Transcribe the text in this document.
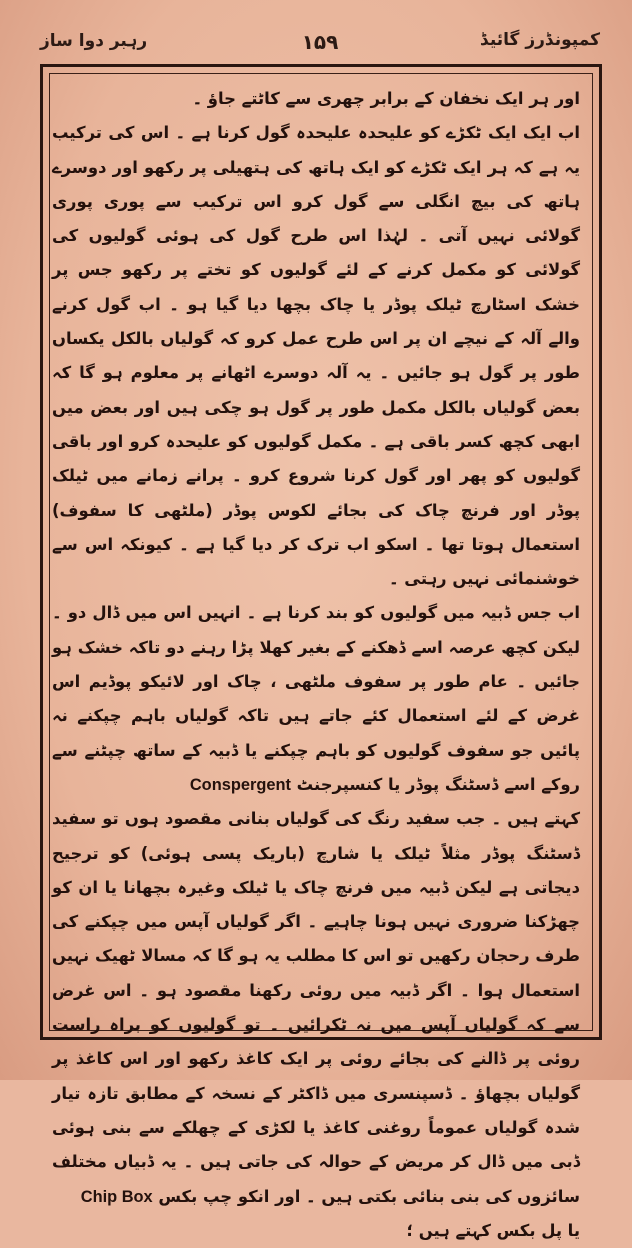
کمپونڈرز گائیڈ
۱۵۹
رہبر دوا ساز

اور ہر ایک نخفان کے برابر چھری سے کاٹتے جاؤ ۔

اب ایک ایک ٹکڑے کو علیحدہ علیحدہ گول کرنا ہے ۔ اس کی ترکیب یہ ہے کہ ہر ایک ٹکڑے کو ایک ہاتھ کی ہتھیلی پر رکھو اور دوسرے ہاتھ کی بیچ انگلی سے گول کرو اس ترکیب سے پوری پوری گولائی نہیں آتی ۔ لہٰذا اس طرح گول کی ہوئی گولیوں کی گولائی کو مکمل کرنے کے لئے گولیوں کو تختے پر رکھو جس پر خشک اسٹارچ ٹیلک پوڈر یا چاک بچھا دیا گیا ہو ۔ اب گول کرنے والے آلہ کے نیچے ان پر اس طرح عمل کرو کہ گولیاں بالکل یکساں طور پر گول ہو جائیں ۔ یہ آلہ دوسرے اٹھانے پر معلوم ہو گا کہ بعض گولیاں بالکل مکمل طور پر گول ہو چکی ہیں اور بعض میں ابھی کچھ کسر باقی ہے ۔ مکمل گولیوں کو علیحدہ کرو اور باقی گولیوں کو پھر اور گول کرنا شروع کرو ۔ پرانے زمانے میں ٹیلک پوڈر اور فرنچ چاک کی بجائے لکوس پوڈر (ملٹھی کا سفوف) استعمال ہوتا تھا ۔ اسکو اب ترک کر دیا گیا ہے ۔ کیونکہ اس سے خوشنمائی نہیں رہتی ۔

اب جس ڈبیہ میں گولیوں کو بند کرنا ہے ۔ انہیں اس میں ڈال دو ۔ لیکن کچھ عرصہ اسے ڈھکنے کے بغیر کھلا پڑا رہنے دو تاکہ خشک ہو جائیں ۔ عام طور پر سفوف ملٹھی ، چاک اور لائیکو پوڈیم اس غرض کے لئے استعمال کئے جاتے ہیں تاکہ گولیاں باہم چپکنے نہ پائیں جو سفوف گولیوں کو باہم چپکنے یا ڈبیہ کے ساتھ چپٹنے سے روکے اسے ڈسٹنگ پوڈر یا کنسپرجنٹ Conspergent

کہتے ہیں ۔ جب سفید رنگ کی گولیاں بنانی مقصود ہوں تو سفید ڈسٹنگ پوڈر مثلاً ٹیلک یا شارچ (باریک پسی ہوئی) کو ترجیح دیجاتی ہے لیکن ڈبیہ میں فرنچ چاک یا ٹیلک وغیرہ بچھانا یا ان کو چھڑکنا ضروری نہیں ہونا چاہیے ۔ اگر گولیاں آپس میں چپکنے کی طرف رحجان رکھیں تو اس کا مطلب یہ ہو گا کہ مسالا ٹھیک نہیں استعمال ہوا ۔ اگر ڈبیہ میں روئی رکھنا مقصود ہو ۔ اس غرض سے کہ گولیاں آپس میں نہ ٹکرائیں ۔ تو گولیوں کو براہ راست روئی پر ڈالنے کی بجائے روئی پر ایک کاغذ رکھو اور اس کاغذ پر گولیاں بچھاؤ ۔ ڈسپنسری میں ڈاکٹر کے نسخہ کے مطابق تازہ تیار شدہ گولیاں عموماً روغنی کاغذ یا لکڑی کے چھلکے سے بنی ہوئی ڈبی میں ڈال کر مریض کے حوالہ کی جاتی ہیں ۔ یہ ڈبیاں مختلف سائزوں کی بنی بنائی بکتی ہیں ۔ اور انکو چپ بکس Chip Box

یا پل بکس کہتے ہیں ؛
